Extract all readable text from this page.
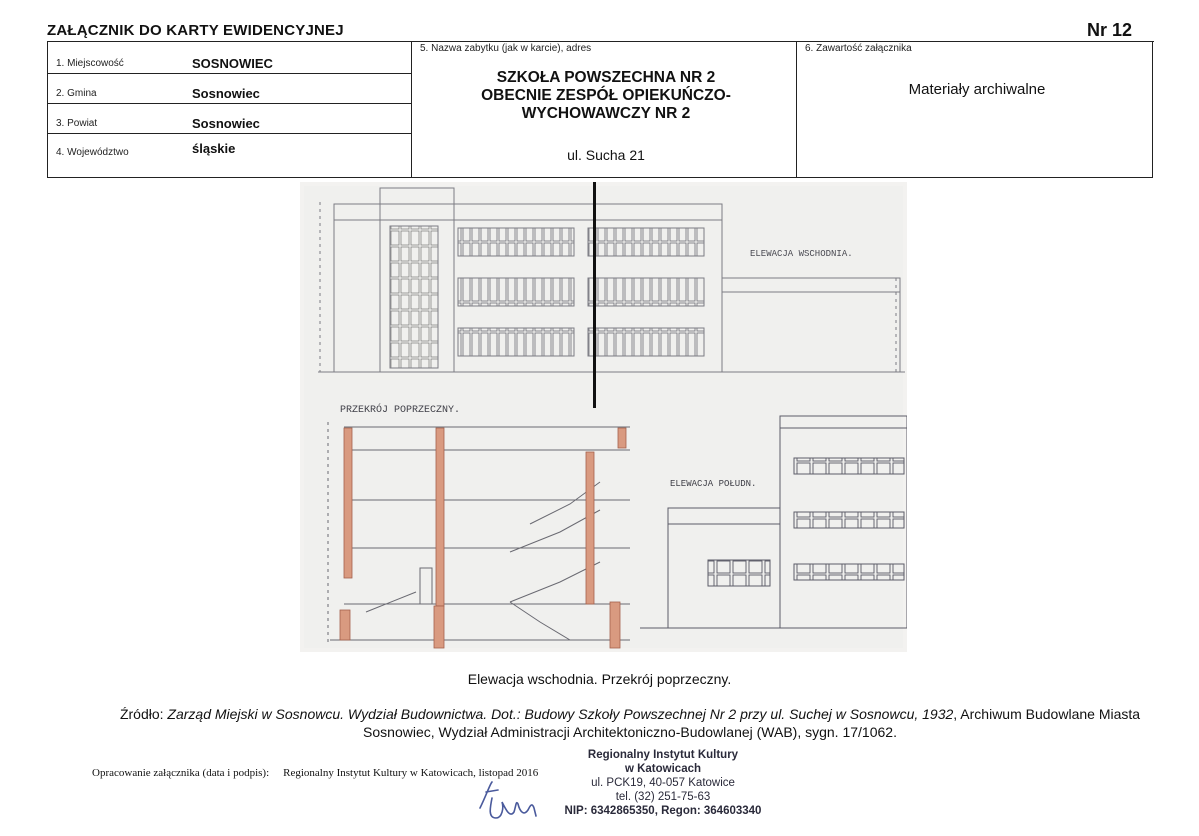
ZAŁĄCZNIK DO KARTY EWIDENCYJNEJ	Nr 12
1. Miejscowość	SOSNOWIEC
2. Gmina	Sosnowiec
3. Powiat	Sosnowiec
4. Województwo	śląskie
5. Nazwa zabytku (jak w karcie), adres
SZKOŁA POWSZECHNA NR 2
OBECNIE ZESPÓŁ OPIEKUŃCZO-
WYCHOWAWCZY NR 2
ul. Sucha 21
6. Zawartość załącznika
Materiały archiwalne
ELEWACJA WSCHODNIA.
PRZEKRÓJ POPRZECZNY.
ELEWACJA POŁUDN.
Elewacja wschodnia. Przekrój poprzeczny.
Źródło: Zarząd Miejski w Sosnowcu. Wydział Budownictwa. Dot.: Budowy Szkoły Powszechnej Nr 2 przy ul. Suchej w Sosnowcu, 1932, Archiwum Budowlane Miasta Sosnowiec, Wydział Administracji Architektoniczno-Budowlanej (WAB), sygn. 17/1062.
Opracowanie załącznika (data i podpis): Regionalny Instytut Kultury w Katowicach, listopad 2016
Regionalny Instytut Kultury
w Katowicach
ul. PCK19, 40-057 Katowice
tel. (32) 251-75-63
NIP: 6342865350, Regon: 364603340
